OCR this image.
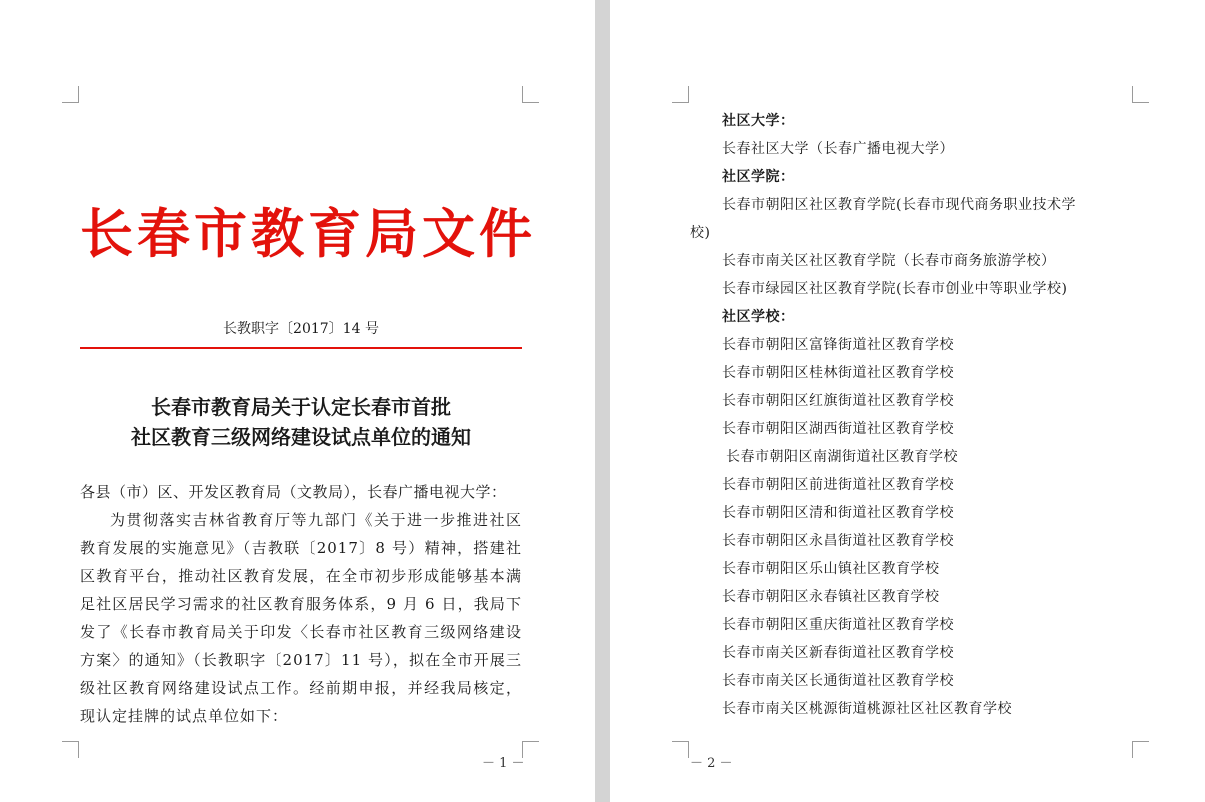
长春市教育局文件
长教职字〔2017〕14 号
长春市教育局关于认定长春市首批
社区教育三级网络建设试点单位的通知
各县（市）区、开发区教育局（文教局），长春广播电视大学：
为贯彻落实吉林省教育厅等九部门《关于进一步推进社区教育发展的实施意见》（吉教联〔2017〕8 号）精神，搭建社区教育平台，推动社区教育发展，在全市初步形成能够基本满足社区居民学习需求的社区教育服务体系，9 月 6 日，我局下发了《长春市教育局关于印发〈长春市社区教育三级网络建设方案〉的通知》（长教职字〔2017〕11 号），拟在全市开展三级社区教育网络建设试点工作。经前期申报，并经我局核定，现认定挂牌的试点单位如下：
－ 1 －
社区大学：
长春社区大学（长春广播电视大学）
社区学院：
长春市朝阳区社区教育学院(长春市现代商务职业技术学
校)
长春市南关区社区教育学院（长春市商务旅游学校）
长春市绿园区社区教育学院(长春市创业中等职业学校)
社区学校：
长春市朝阳区富锋街道社区教育学校
长春市朝阳区桂林街道社区教育学校
长春市朝阳区红旗街道社区教育学校
长春市朝阳区湖西街道社区教育学校
长春市朝阳区南湖街道社区教育学校
长春市朝阳区前进街道社区教育学校
长春市朝阳区清和街道社区教育学校
长春市朝阳区永昌街道社区教育学校
长春市朝阳区乐山镇社区教育学校
长春市朝阳区永春镇社区教育学校
长春市朝阳区重庆街道社区教育学校
长春市南关区新春街道社区教育学校
长春市南关区长通街道社区教育学校
长春市南关区桃源街道桃源社区社区教育学校
－ 2 －
